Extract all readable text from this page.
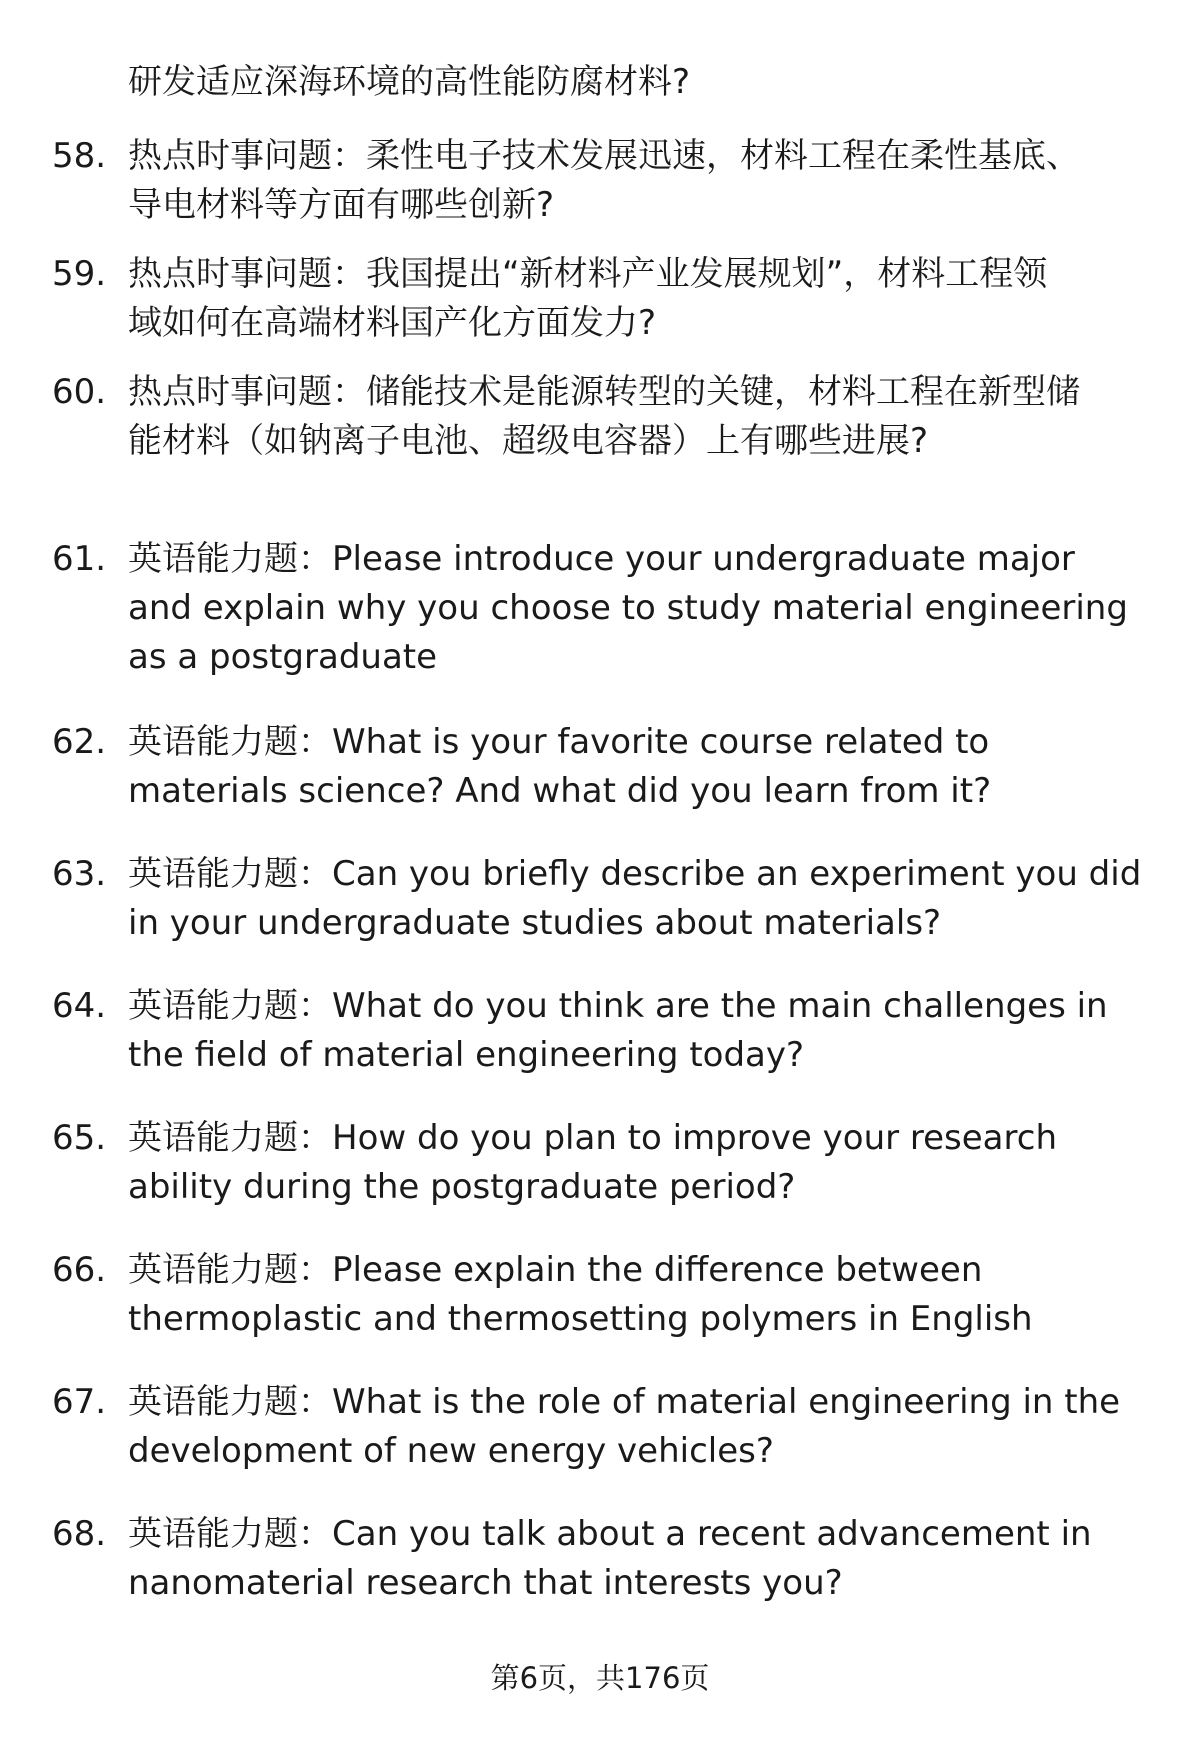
研发适应深海环境的高性能防腐材料?
58. 热点时事问题：柔性电子技术发展迅速，材料工程在柔性基底、
导电材料等方面有哪些创新?
59. 热点时事问题：我国提出“新材料产业发展规划”，材料工程领
域如何在高端材料国产化方面发力?
60. 热点时事问题：储能技术是能源转型的关键，材料工程在新型储
能材料（如钠离子电池、超级电容器）上有哪些进展?
61. 英语能力题：Please introduce your undergraduate major
and explain why you choose to study material engineering
as a postgraduate
62. 英语能力题：What is your favorite course related to
materials science? And what did you learn from it?
63. 英语能力题：Can you briefly describe an experiment you did
in your undergraduate studies about materials?
64. 英语能力题：What do you think are the main challenges in
the field of material engineering today?
65. 英语能力题：How do you plan to improve your research
ability during the postgraduate period?
66. 英语能力题：Please explain the difference between
thermoplastic and thermosetting polymers in English
67. 英语能力题：What is the role of material engineering in the
development of new energy vehicles?
68. 英语能力题：Can you talk about a recent advancement in
nanomaterial research that interests you?
第6页，共176页
